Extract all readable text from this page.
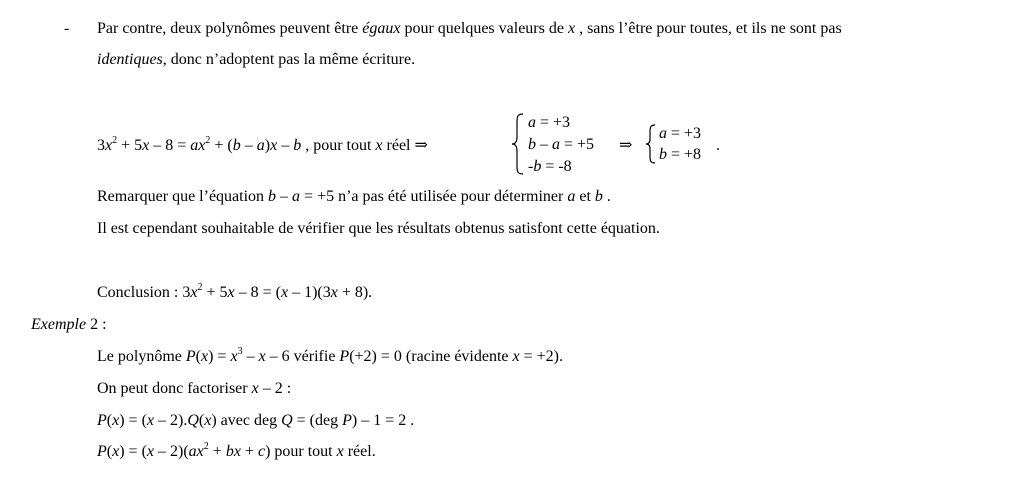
- Par contre, deux polynômes peuvent être égaux pour quelques valeurs de x , sans l’être pour toutes, et ils ne sont pas
identiques, donc n’adoptent pas la même écriture.
$3x^2 + 5x - 8 = ax^2 + (b - a)x - b$ , pour tout x réel ⇒
a = +3
b – a = +5
-b = -8
⇒
a = +3
b = +8
.
Remarquer que l’équation b – a = +5 n’a pas été utilisée pour déterminer a et b .
Il est cependant souhaitable de vérifier que les résultats obtenus satisfont cette équation.
Conclusion : $3x^2 + 5x - 8 = (x - 1)(3x + 8)$.
Exemple 2 :
Le polynôme $P(x) = x^3 - x - 6$ vérifie P(+2) = 0 (racine évidente x = +2).
On peut donc factoriser x – 2 :
P(x) = (x – 2).Q(x) avec deg Q = (deg P) – 1 = 2 .
$P(x) = (x - 2)(ax^2$ + bx + c) pour tout x réel.
